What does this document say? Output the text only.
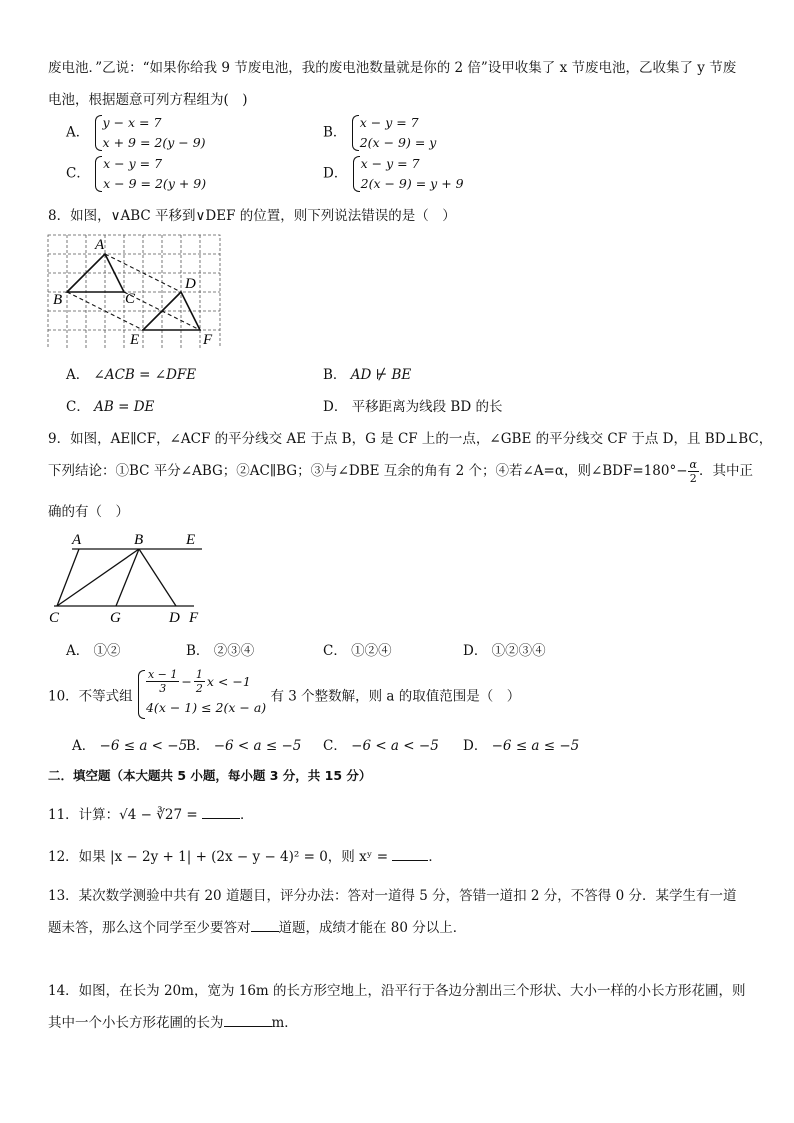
废电池．”乙说：“如果你给我 9 节废电池，我的废电池数量就是你的 2 倍”设甲收集了 x 节废电池，乙收集了 y 节废
电池，根据题意可列方程组为(　)
A．
y − x = 7
x + 9 = 2(y − 9)
B．
x − y = 7
2(x − 9) = y
C．
x − y = 7
x − 9 = 2(y + 9)
D．
x − y = 7
2(x − 9) = y + 9
8．如图，∨ABC 平移到∨DEF 的位置，则下列说法错误的是（　）
A
B	C
D
E	F
A． ∠ACB = ∠DFE	B． AD ⊬ BE
C． AB = DE	D． 平移距离为线段 BD 的长
9．如图，AE∥CF，∠ACF 的平分线交 AE 于点 B，G 是 CF 上的一点，∠GBE 的平分线交 CF 于点 D，且 BD⊥BC，
下列结论：①BC 平分∠ABG；②AC∥BG；③与∠DBE 互余的角有 2 个；④若∠A=α，则∠BDF=180°− $\frac{\alpha}{2}$ ．其中正
确的有（　）
A	B	E
C	G	D F
A． ①②	B． ②③④	C． ①②④	D． ①②③④
10．不等式组
$\frac{x - 1}{3} - \frac{1}{2}$ x < −1
4(x − 1) ≤ 2(x − a)
有 3 个整数解，则 a 的取值范围是（　）
A． −6 ≤ a < −5
B． −6 < a ≤ −5 C． −6 < a < −5 D． −6 ≤ a ≤ −5
二．填空题（本大题共 5 小题，每小题 3 分，共 15 分）
11．计算：√4 − ∛27 =	．
12．如果 |x − 2y + 1| + (2x − y − 4)² = 0，则 xʸ =	．
13．某次数学测验中共有 20 道题目，评分办法：答对一道得 5 分，答错一道扣 2 分，不答得 0 分．某学生有一道
题未答，那么这个同学至少要答对 道题，成绩才能在 80 分以上．
14．如图，在长为 20m，宽为 16m 的长方形空地上，沿平行于各边分割出三个形状、大小一样的小长方形花圃，则
其中一个小长方形花圃的长为	m．
